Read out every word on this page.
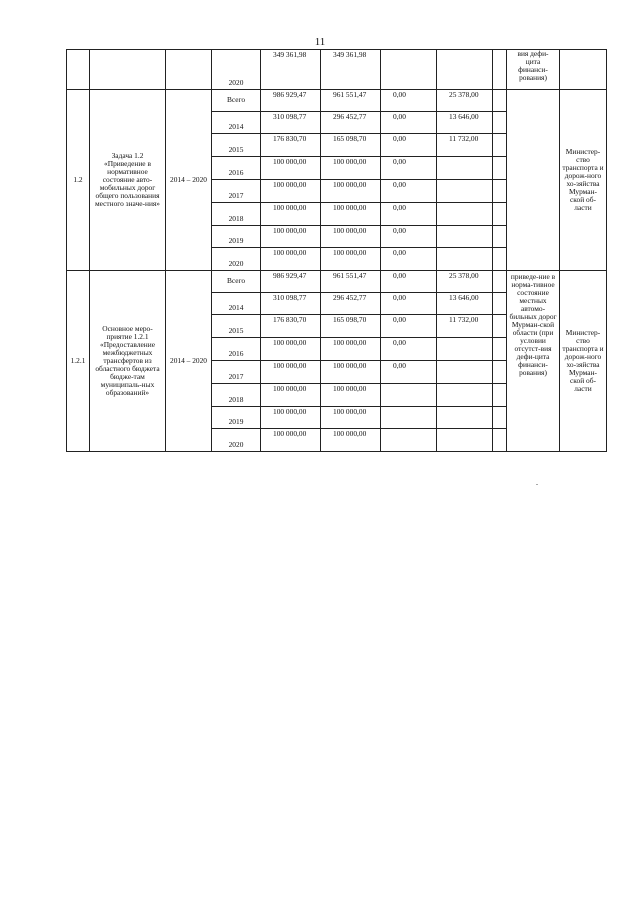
11
			2020	349 361,98	349 361,98				вия дефи-
цита
финанси-
рования)	
1.2	Задача 1.2
«Приведение в нормативное состояние авто-мобильных дорог общего пользования местного значе-ния»	2014 – 2020	Всего	986 929,47	961 551,47	0,00	25 378,00			Министер-ство транспорта и дорож-ного хо-зяйства Мурман-ской об-ласти
			2014	310 098,77	296 452,77	0,00	13 646,00			
			2015	176 830,70	165 098,70	0,00	11 732,00			
			2016	100 000,00	100 000,00	0,00				
			2017	100 000,00	100 000,00	0,00				
			2018	100 000,00	100 000,00	0,00				
			2019	100 000,00	100 000,00	0,00				
			2020	100 000,00	100 000,00	0,00				
1.2.1	Основное меро-приятие 1.2.1
«Предоставление межбюджетных трансфертов из областного бюджета бюдже-там муниципаль-ных образований»	2014 – 2020	Всего	986 929,47	961 551,47	0,00	25 378,00		приведе-ние в норма-тивное состояние местных автомо-бильных дорог Мурман-ской области (при условии отсутст-вия дефи-цита финанси-рования)	Министер-ство транспорта и дорож-ного хо-зяйства Мурман-ской об-ласти
			2014	310 098,77	296 452,77	0,00	13 646,00			
			2015	176 830,70	165 098,70	0,00	11 732,00			
			2016	100 000,00	100 000,00	0,00				
			2017	100 000,00	100 000,00	0,00				
			2018	100 000,00	100 000,00					
			2019	100 000,00	100 000,00					
			2020	100 000,00	100 000,00					
.
